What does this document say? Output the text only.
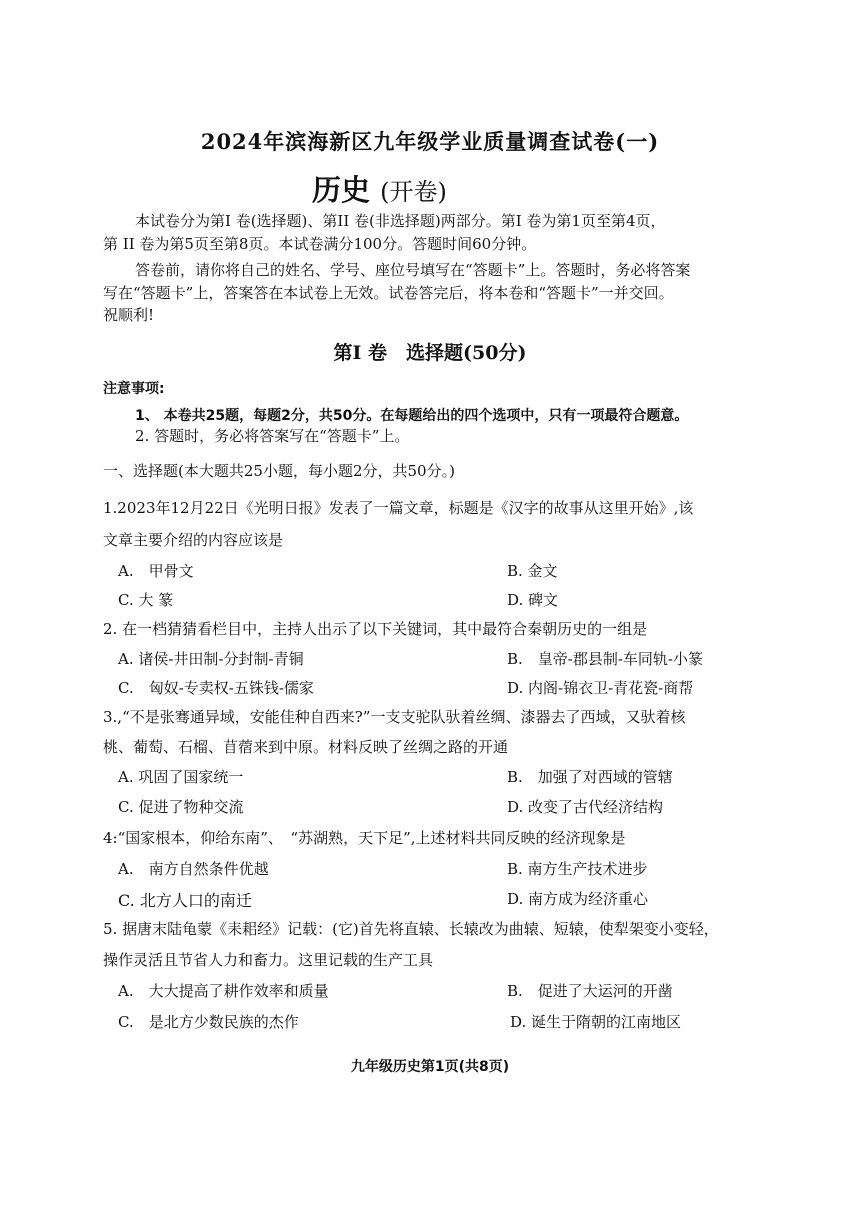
2024年滨海新区九年级学业质量调查试卷(一)
历史 (开卷)
本试卷分为第I 卷(选择题)、第II 卷(非选择题)两部分。第I 卷为第1页至第4页，
第 II 卷为第5页至第8页。本试卷满分100分。答题时间60分钟。
答卷前，请你将自己的姓名、学号、座位号填写在“答题卡”上。答题时，务必将答案
写在“答题卡”上，答案答在本试卷上无效。试卷答完后，将本卷和“答题卡”一并交回。
祝顺利!
第I 卷　选择题(50分)
注意事项:
1、 本卷共25题，每题2分，共50分。在每题给出的四个选项中，只有一项最符合题意。
2. 答题时，务必将答案写在“答题卡”上。
一、选择题(本大题共25小题，每小题2分，共50分。)
1.2023年12月22日《光明日报》发表了一篇文章，标题是《汉字的故事从这里开始》,该
文章主要介绍的内容应该是
A.　甲骨文	B. 金文
C. 大 篆	D. 碑文
2. 在一档猜猜看栏目中，主持人出示了以下关键词，其中最符合秦朝历史的一组是
A. 诸侯-井田制-分封制-青铜	B.　皇帝-郡县制-车同轨-小篆
C.　匈奴-专卖权-五铢钱-儒家	D. 内阁-锦衣卫-青花瓷-商帮
3.,“不是张骞通异域，安能佳种自西来?”一支支驼队驮着丝绸、漆器去了西域，又驮着核
桃、葡萄、石榴、苜蓿来到中原。材料反映了丝绸之路的开通
A. 巩固了国家统一	B.　加强了对西域的管辖
C. 促进了物种交流	D. 改变了古代经济结构
4:“国家根本，仰给东南”、　“苏湖熟，天下足”,上述材料共同反映的经济现象是
A.　南方自然条件优越	B. 南方生产技术进步
C. 北方人口的南迁	D. 南方成为经济重心
5. 据唐末陆龟蒙《耒耜经》记载：(它)首先将直辕、长辕改为曲辕、短辕，使犁架变小变轻，
操作灵活且节省人力和畜力。这里记载的生产工具
A.　大大提高了耕作效率和质量	B.　促进了大运河的开凿
C.　是北方少数民族的杰作	D. 诞生于隋朝的江南地区
九年级历史第1页(共8页)
